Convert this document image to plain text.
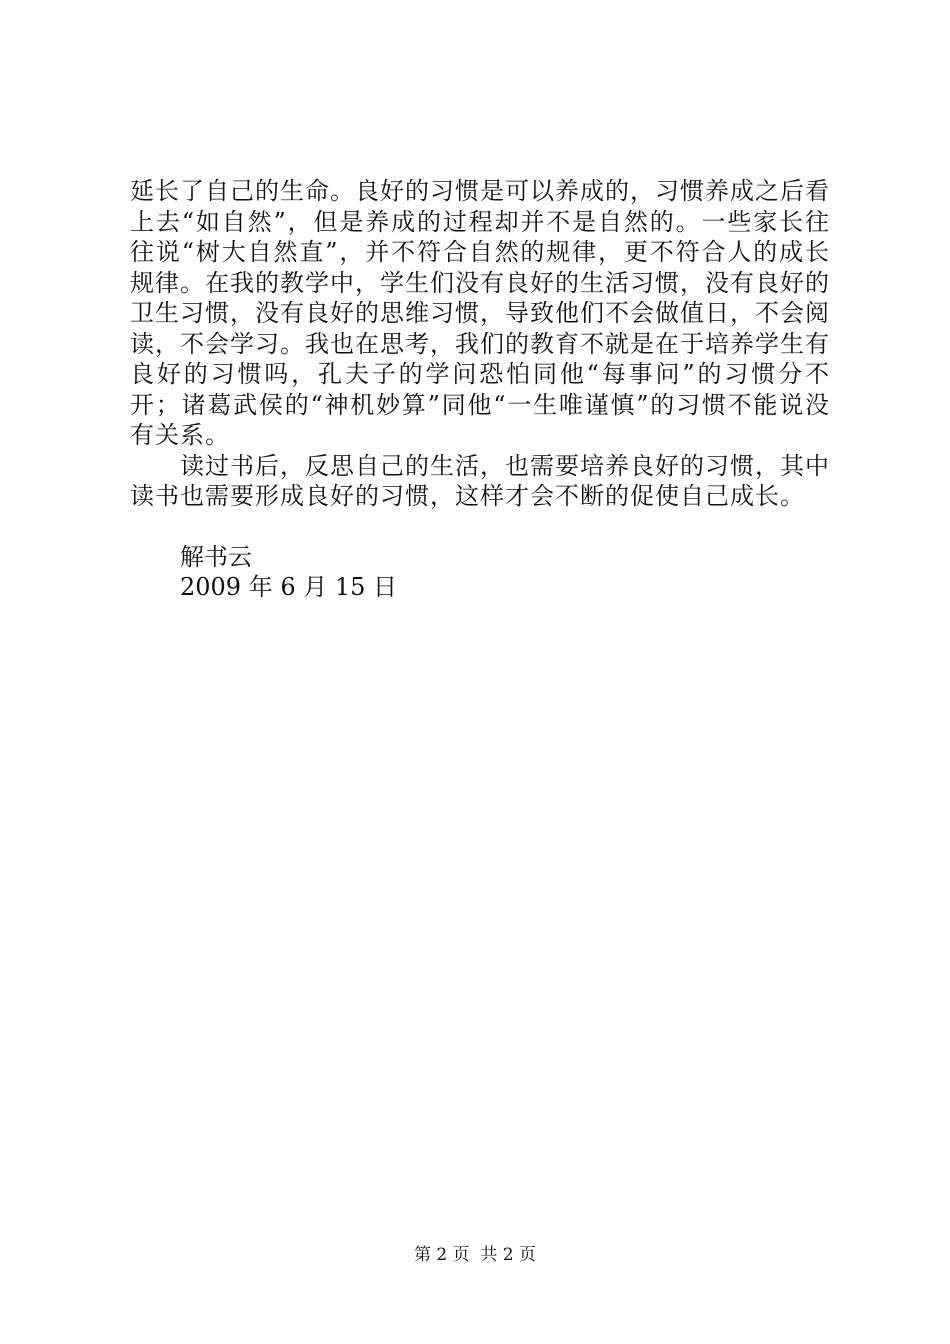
延长了自己的生命。良好的习惯是可以养成的，习惯养成之后看上去“如自然”，但是养成的过程却并不是自然的。一些家长往往说“树大自然直”，并不符合自然的规律，更不符合人的成长规律。在我的教学中，学生们没有良好的生活习惯，没有良好的卫生习惯，没有良好的思维习惯，导致他们不会做值日，不会阅读，不会学习。我也在思考，我们的教育不就是在于培养学生有良好的习惯吗，孔夫子的学问恐怕同他“每事问”的习惯分不开；诸葛武侯的“神机妙算”同他“一生唯谨慎”的习惯不能说没有关系。

读过书后，反思自己的生活，也需要培养良好的习惯，其中读书也需要形成良好的习惯，这样才会不断的促使自己成长。

解书云
2009 年 6 月 15 日
第 2 页  共 2 页
